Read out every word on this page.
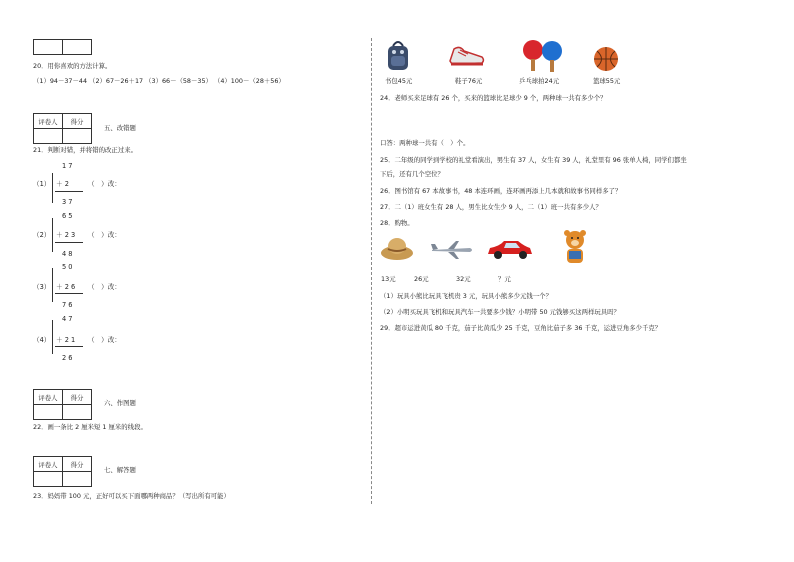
20．用你喜欢的方法计算。
（1）94－37－44 （2）67－26＋17 （3）66－（58－35） （4）100－（28＋56）
评卷人	得分

五、改错题
21．判断对错，并将错的改正过来。
1 7
（1） ＋ 2	（　）改：
3 7
6 5
（2） ＋ 2 3 （　）改：
4 8
5 0
（3） ＋ 2 6 （　）改：
7 6
4 7
（4） ＋ 2 1 （　）改：
2 6
评卷人	得分

六、作图题
22．画一条比 2 厘米短 1 厘米的线段。
评卷人	得分

七、解答题
23．妈妈带 100 元，正好可以买下面哪两种商品？（写出所有可能）
书包45元	鞋子76元	乒乓球拍24元	篮球55元
24．老师买来足球有 26 个，买来的篮球比足球少 9 个，两种球一共有多少个？
口答：两种球一共有（　）个。
25．二年级的同学到学校的礼堂看演出，男生有 37 人，女生有 39 人，礼堂里有 96 张单人椅，同学们都坐
下后，还有几个空位？
26．图书馆有 67 本故事书，48 本连环画，连环画再添上几本就和故事书同样多了？
27．二（1）班女生有 28 人，男生比女生少 9 人，二（1）班一共有多少人？
28．购物。
13元	26元	32元	？元
（1）玩具小熊比玩具飞机贵 3 元，玩具小熊多少元钱一个？
（2）小明买玩具飞机和玩具汽车一共要多少钱？小明带 50 元钱够买这两样玩具吗？
29．超市运进黄瓜 80 千克，茄子比黄瓜少 25 千克，豆角比茄子多 36 千克，运进豆角多少千克？
